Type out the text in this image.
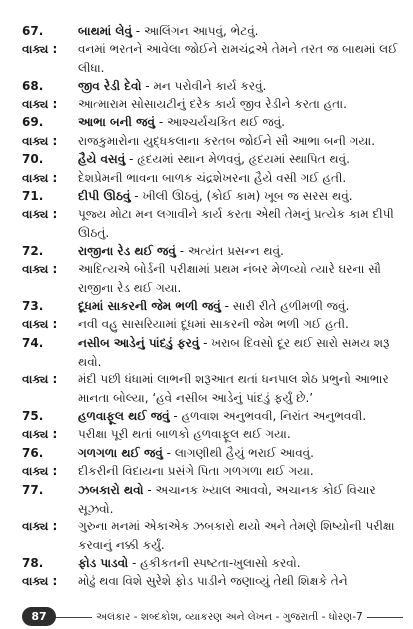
67.	બાથમાં લેવું - આલિંગન આપવું, ભેટવું.
વાક્ય :	વનમાં ભરતને આવેલા જોઈને રામચંદ્રએ તેમને તરત જ બાથમાં લઈ લીધા.
68.	જીવ રેડી દેવો - મન પરોવીને કાર્ય કરવું.
વાક્ય :	આત્મારામ સોસાયટીનું દરેક કાર્ય જીવ રેડીને કરતા હતા.
69.	આભા બની જવું - આશ્ચર્યચકિત થઈ જવું.
વાક્ય :	રાજકુમારોના યુદ્ધકલાના કરતબ જોઈને સૌ આભા બની ગયા.
70.	હૈયે વસવું - હૃદયમાં સ્થાન મેળવવું, હૃદયમાં સ્થાપિત થવું.
વાક્ય :	દેશપ્રેમની ભાવના બાળક ચંદ્રશેખરના હૈયે વસી ગઈ હતી.
71.	દીપી ઊઠવું - ખીલી ઊઠવું, (કોઈ કામ) ખૂબ જ સરસ થવું.
વાક્ય :	પૂજ્ય મોટા મન લગાવીને કાર્ય કરતા એથી તેમનું પ્રત્યેક કામ દીપી ઊઠતું.
72.	રાજીના રેડ થઈ જવું - અત્યંત પ્રસન્ન થવું.
વાક્ય :	આદિત્યએ બોર્ડની પરીક્ષામાં પ્રથમ નંબર મેળવ્યો ત્યારે ઘરના સૌ રાજીના રેડ થઈ ગયા.
73.	દૂધમાં સાકરની જેમ ભળી જવું - સારી રીતે હળીમળી જવું.
વાક્ય :	નવી વહુ સાસરિયામાં દૂધમાં સાકરની જેમ ભળી ગઈ હતી.
74.	નસીબ આડેનું પાંદડું ફરવું - ખરાબ દિવસો દૂર થઈ સારો સમય શરૂ થવો.
વાક્ય :	મંદી પછી ધંધામાં લાભની શરૂઆત થતાં ધનપાલ શેઠ પ્રભુનો આભાર માનતા બોલ્યા, ‘હવે નસીબ આડેનું પાંદડું ફર્યું છે.’
75.	હળવાફૂલ થઈ જવું - હળવાશ અનુભવવી, નિરાંત અનુભવવી.
વાક્ય :	પરીક્ષા પૂરી થતાં બાળકો હળવાફૂલ થઈ ગયા.
76.	ગળગળા થઈ જવું - લાગણીથી હૈયું ભરાઈ આવવું.
વાક્ય :	દીકરીની વિદાયના પ્રસંગે પિતા ગળગળા થઈ ગયા.
77.	ઝબકારો થવો - અચાનક ખ્યાલ આવવો, અચાનક કોઈ વિચાર સૂઝવો.
વાક્ય :	ગુરુના મનમાં એકાએક ઝબકારો થયો અને તેમણે શિષ્યોની પરીક્ષા કરવાનું નક્કી કર્યું.
78.	ફોડ પાડવો - હકીકતની સ્પષ્ટતા-ખુલાસો કરવો.
વાક્ય :	મોઢું થવા વિશે સુરેશે ફોડ પાડીને જણાવ્યું તેથી શિક્ષકે તેને
87	અલંકાર - શબ્દકોશ, વ્યાકરણ અને લેખન - ગુજરાતી - ધોરણ-7
